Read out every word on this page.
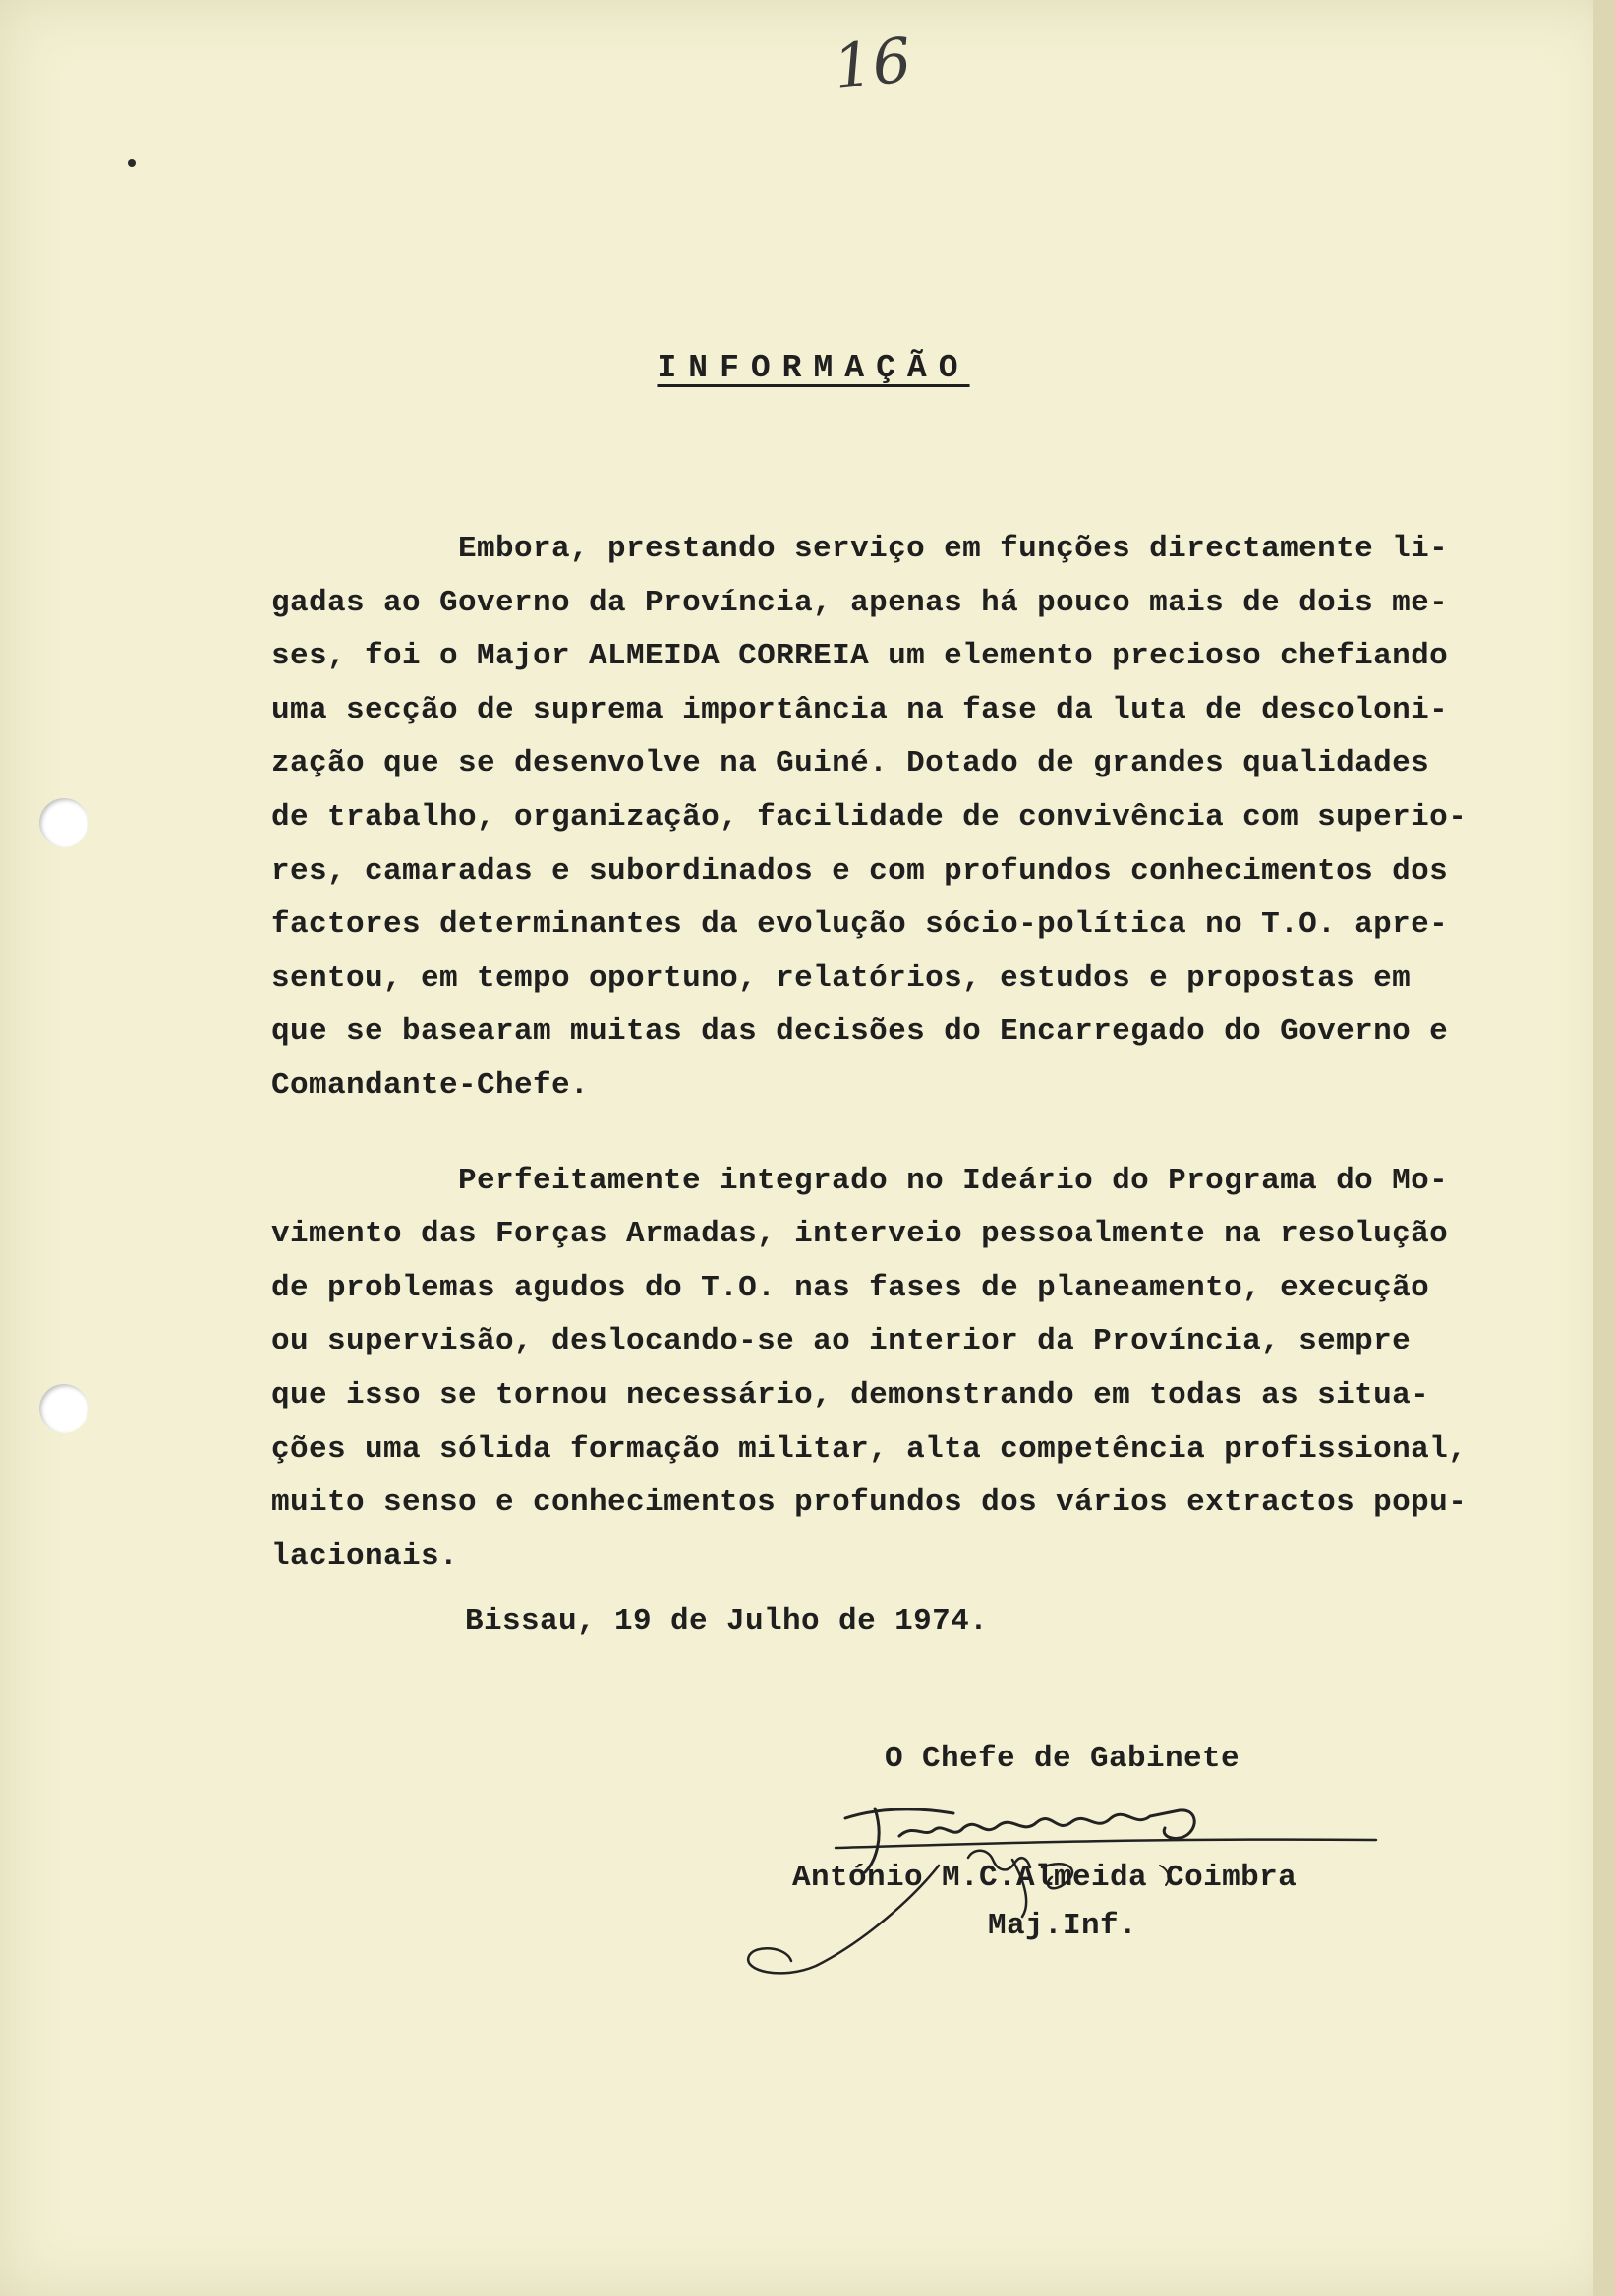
16
INFORMAÇÃO
Embora, prestando serviço em funções directamente li-
gadas ao Governo da Província, apenas há pouco mais de dois me-
ses, foi o Major ALMEIDA CORREIA um elemento precioso chefiando
uma secção de suprema importância na fase da luta de descoloni-
zação que se desenvolve na Guiné. Dotado de grandes qualidades
de trabalho, organização, facilidade de convivência com superio-
res, camaradas e subordinados e com profundos conhecimentos dos
factores determinantes da evolução sócio-política no T.O. apre-
sentou, em tempo oportuno, relatórios, estudos e propostas em
que se basearam muitas das decisões do Encarregado do Governo e
Comandante-Chefe.
Perfeitamente integrado no Ideário do Programa do Mo-
vimento das Forças Armadas, interveio pessoalmente na resolução
de problemas agudos do T.O. nas fases de planeamento, execução
ou supervisão, deslocando-se ao interior da Província, sempre
que isso se tornou necessário, demonstrando em todas as situa-
ções uma sólida formação militar, alta competência profissional,
muito senso e conhecimentos profundos dos vários extractos popu-
lacionais.
Bissau, 19 de Julho de 1974.
O Chefe de Gabinete
António M.C.Almeida Coimbra
Maj.Inf.
